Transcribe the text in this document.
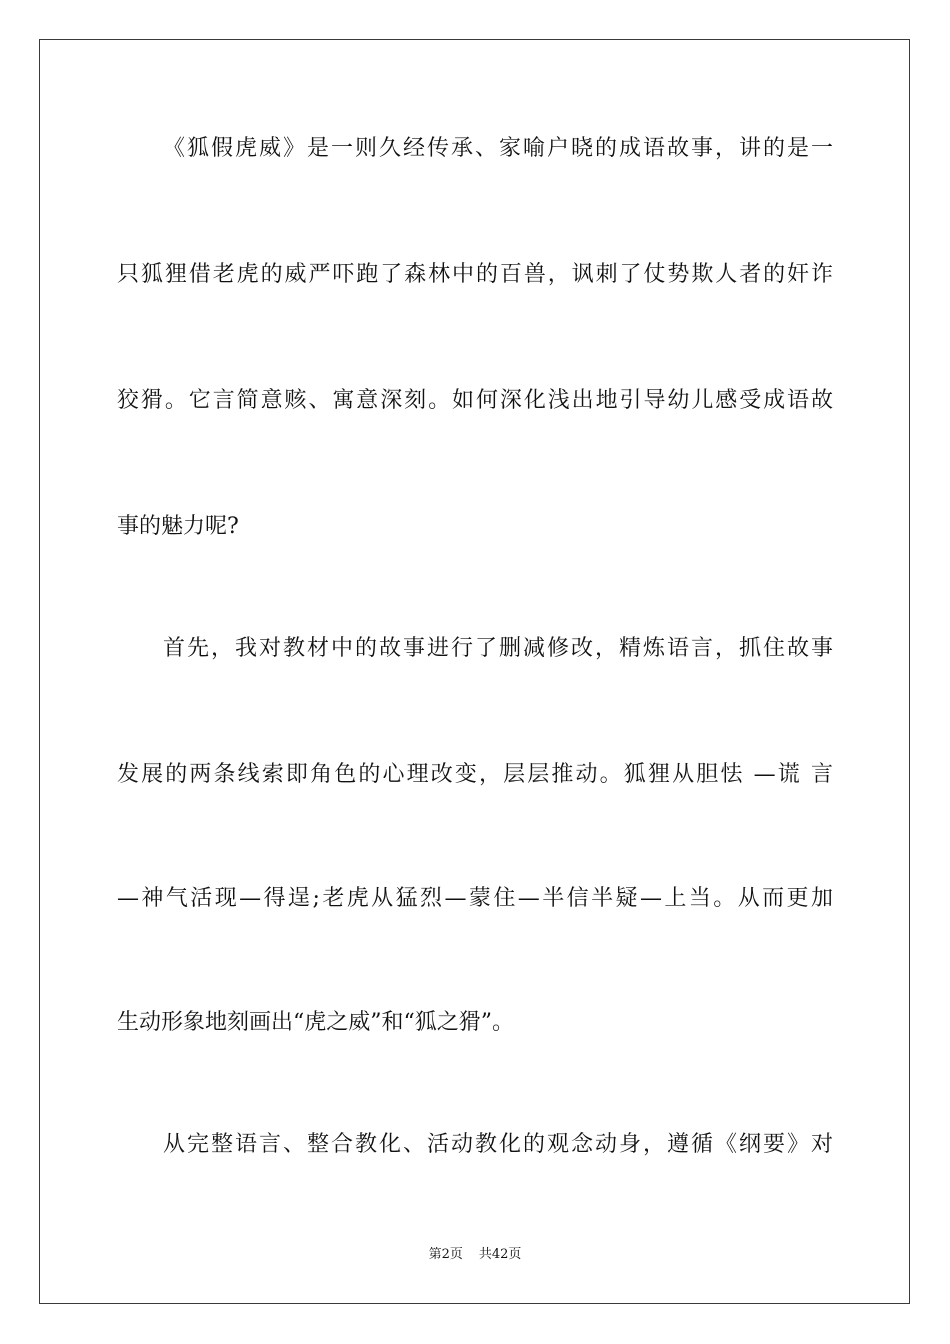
《狐假虎威》是一则久经传承、家喻户晓的成语故事，讲的是一
只狐狸借老虎的威严吓跑了森林中的百兽，讽刺了仗势欺人者的奸诈
狡猾。它言简意赅、寓意深刻。如何深化浅出地引导幼儿感受成语故
事的魅力呢?
首先，我对教材中的故事进行了删减修改，精炼语言，抓住故事
发展的两条线索即角色的心理改变，层层推动。狐狸从胆怯 —谎 言
—神气活现—得逞;老虎从猛烈—蒙住—半信半疑—上当。从而更加
生动形象地刻画出“虎之威”和“狐之猾”。
从完整语言、整合教化、活动教化的观念动身，遵循《纲要》对
第2页 共42页
